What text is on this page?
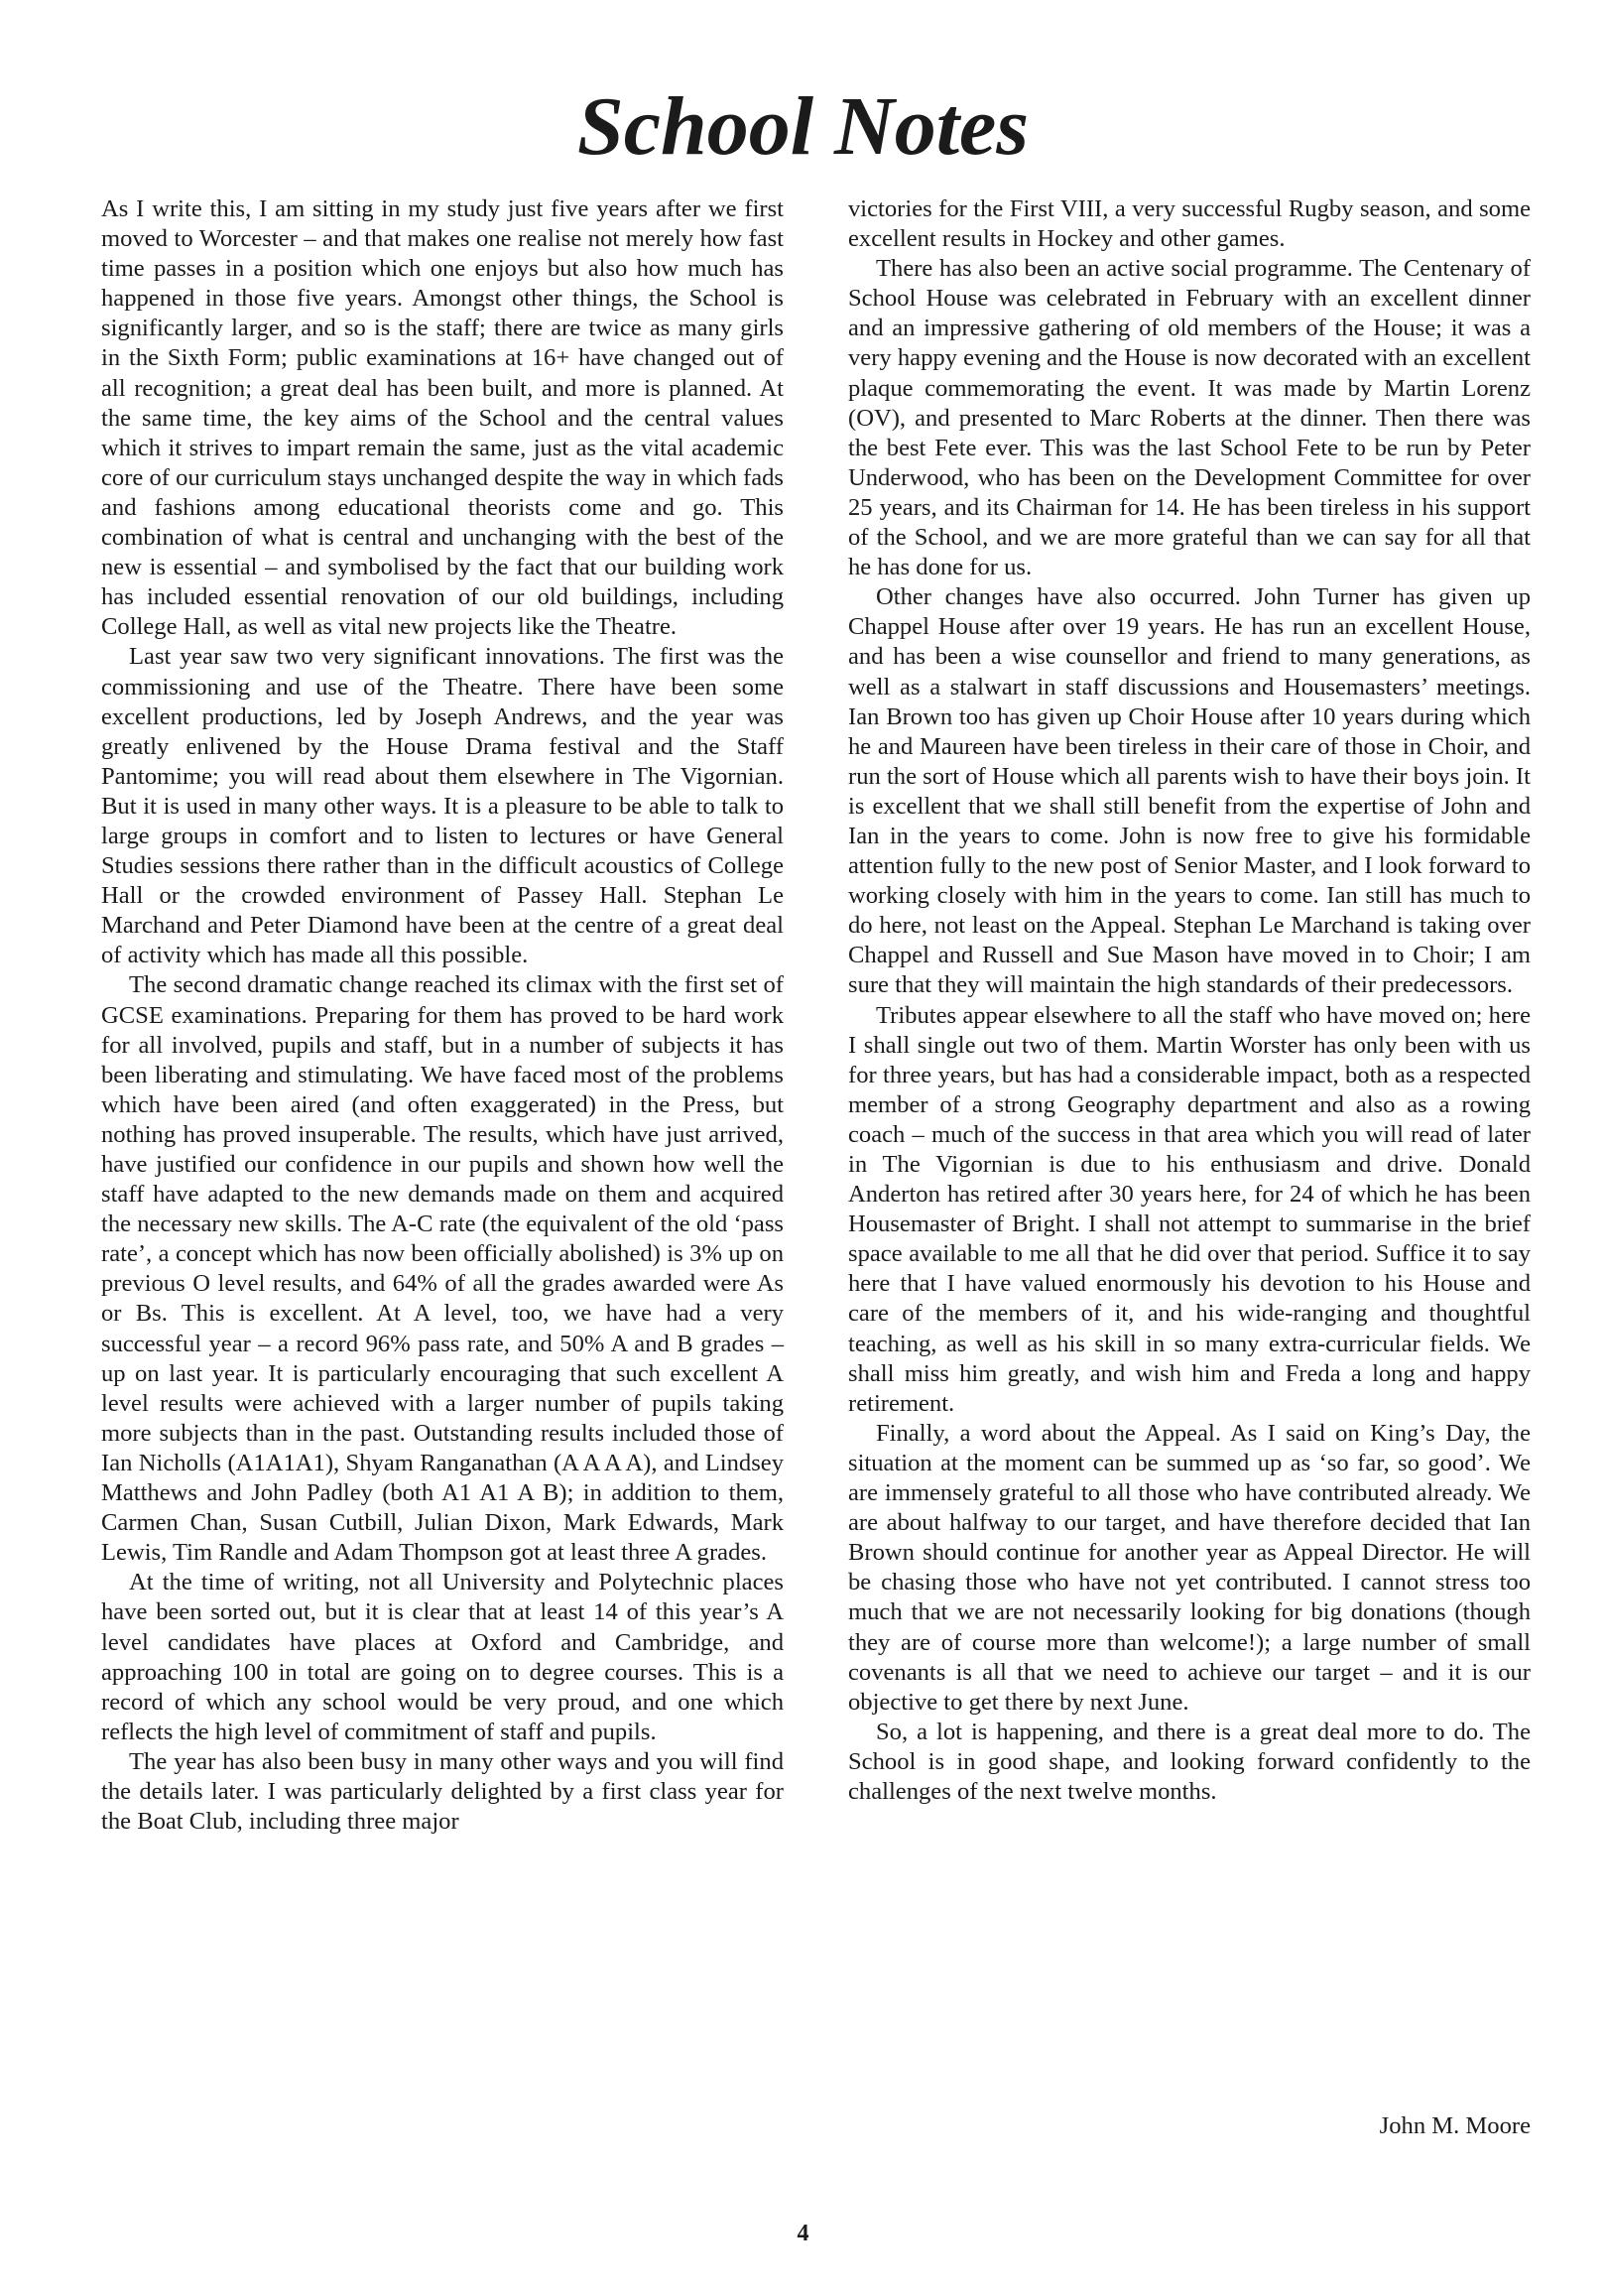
School Notes

As I write this, I am sitting in my study just five years after we first moved to Worcester – and that makes one realise not merely how fast time passes in a position which one enjoys but also how much has happened in those five years. Amongst other things, the School is significantly larger, and so is the staff; there are twice as many girls in the Sixth Form; public examinations at 16+ have changed out of all recognition; a great deal has been built, and more is planned. At the same time, the key aims of the School and the central values which it strives to impart remain the same, just as the vital academic core of our curriculum stays unchanged despite the way in which fads and fashions among educational theorists come and go. This combination of what is central and unchanging with the best of the new is essential – and symbolised by the fact that our building work has included essential renovation of our old buildings, including College Hall, as well as vital new projects like the Theatre.

Last year saw two very significant innovations. The first was the commissioning and use of the Theatre. There have been some excellent productions, led by Joseph Andrews, and the year was greatly enlivened by the House Drama festival and the Staff Pantomime; you will read about them elsewhere in The Vigornian. But it is used in many other ways. It is a pleasure to be able to talk to large groups in comfort and to listen to lectures or have General Studies sessions there rather than in the difficult acoustics of College Hall or the crowded environment of Passey Hall. Stephan Le Marchand and Peter Diamond have been at the centre of a great deal of activity which has made all this possible.

The second dramatic change reached its climax with the first set of GCSE examinations. Preparing for them has proved to be hard work for all involved, pupils and staff, but in a number of subjects it has been liberating and stimulating. We have faced most of the problems which have been aired (and often exaggerated) in the Press, but nothing has proved insuperable. The results, which have just arrived, have justified our confidence in our pupils and shown how well the staff have adapted to the new demands made on them and acquired the necessary new skills. The A-C rate (the equivalent of the old ‘pass rate’, a concept which has now been officially abolished) is 3% up on previous O level results, and 64% of all the grades awarded were As or Bs. This is excellent. At A level, too, we have had a very successful year – a record 96% pass rate, and 50% A and B grades – up on last year. It is particularly encouraging that such excellent A level results were achieved with a larger number of pupils taking more subjects than in the past. Outstanding results included those of Ian Nicholls (A1A1A1), Shyam Ranganathan (A A A A), and Lindsey Matthews and John Padley (both A1 A1 A B); in addition to them, Carmen Chan, Susan Cutbill, Julian Dixon, Mark Edwards, Mark Lewis, Tim Randle and Adam Thompson got at least three A grades.

At the time of writing, not all University and Polytechnic places have been sorted out, but it is clear that at least 14 of this year’s A level candidates have places at Oxford and Cambridge, and approaching 100 in total are going on to degree courses. This is a record of which any school would be very proud, and one which reflects the high level of commitment of staff and pupils.

The year has also been busy in many other ways and you will find the details later. I was particularly delighted by a first class year for the Boat Club, including three major

victories for the First VIII, a very successful Rugby season, and some excellent results in Hockey and other games.

There has also been an active social programme. The Centenary of School House was celebrated in February with an excellent dinner and an impressive gathering of old members of the House; it was a very happy evening and the House is now decorated with an excellent plaque commemorating the event. It was made by Martin Lorenz (OV), and presented to Marc Roberts at the dinner. Then there was the best Fete ever. This was the last School Fete to be run by Peter Underwood, who has been on the Development Committee for over 25 years, and its Chairman for 14. He has been tireless in his support of the School, and we are more grateful than we can say for all that he has done for us.

Other changes have also occurred. John Turner has given up Chappel House after over 19 years. He has run an excellent House, and has been a wise counsellor and friend to many generations, as well as a stalwart in staff discussions and Housemasters’ meetings. Ian Brown too has given up Choir House after 10 years during which he and Maureen have been tireless in their care of those in Choir, and run the sort of House which all parents wish to have their boys join. It is excellent that we shall still benefit from the expertise of John and Ian in the years to come. John is now free to give his formidable attention fully to the new post of Senior Master, and I look forward to working closely with him in the years to come. Ian still has much to do here, not least on the Appeal. Stephan Le Marchand is taking over Chappel and Russell and Sue Mason have moved in to Choir; I am sure that they will maintain the high standards of their predecessors.

Tributes appear elsewhere to all the staff who have moved on; here I shall single out two of them. Martin Worster has only been with us for three years, but has had a considerable impact, both as a respected member of a strong Geography department and also as a rowing coach – much of the success in that area which you will read of later in The Vigornian is due to his enthusiasm and drive. Donald Anderton has retired after 30 years here, for 24 of which he has been Housemaster of Bright. I shall not attempt to summarise in the brief space available to me all that he did over that period. Suffice it to say here that I have valued enormously his devotion to his House and care of the members of it, and his wide-ranging and thoughtful teaching, as well as his skill in so many extra-curricular fields. We shall miss him greatly, and wish him and Freda a long and happy retirement.

Finally, a word about the Appeal. As I said on King’s Day, the situation at the moment can be summed up as ‘so far, so good’. We are immensely grateful to all those who have contributed already. We are about halfway to our target, and have therefore decided that Ian Brown should continue for another year as Appeal Director. He will be chasing those who have not yet contributed. I cannot stress too much that we are not necessarily looking for big donations (though they are of course more than welcome!); a large number of small covenants is all that we need to achieve our target – and it is our objective to get there by next June.

So, a lot is happening, and there is a great deal more to do. The School is in good shape, and looking forward confidently to the challenges of the next twelve months.

John M. Moore

4
